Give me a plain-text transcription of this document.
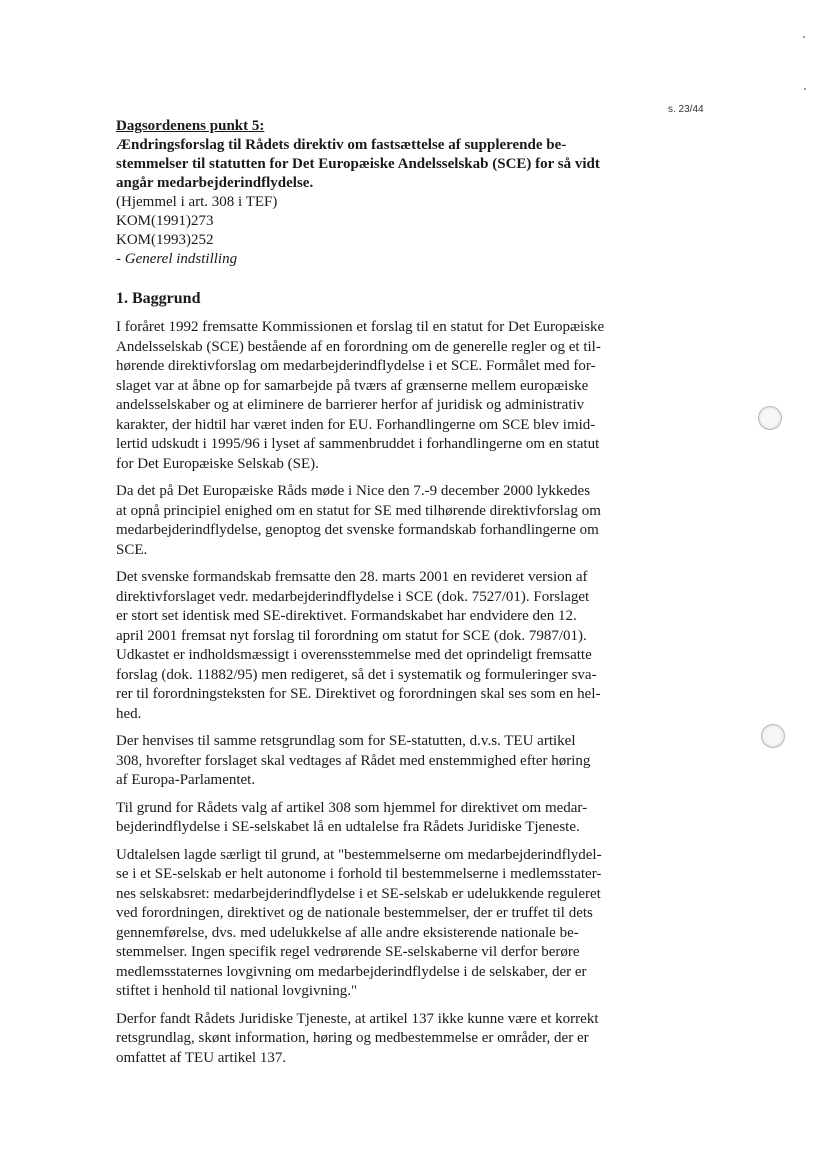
s. 23/44

Dagsordenens punkt 5:

Ændringsforslag til Rådets direktiv om fastsættelse af supplerende be-
stemmelser til statutten for Det Europæiske Andelsselskab (SCE) for så vidt
angår medarbejderindflydelse.

(Hjemmel i art. 308 i TEF)

KOM(1991)273

KOM(1993)252

- Generel indstilling

1. Baggrund

I foråret 1992 fremsatte Kommissionen et forslag til en statut for Det Europæiske
Andelsselskab (SCE) bestående af en forordning om de generelle regler og et til-
hørende direktivforslag om medarbejderindflydelse i et SCE. Formålet med for-
slaget var at åbne op for samarbejde på tværs af grænserne mellem europæiske
andelsselskaber og at eliminere de barrierer herfor af juridisk og administrativ
karakter, der hidtil har været inden for EU. Forhandlingerne om SCE blev imid-
lertid udskudt i 1995/96 i lyset af sammenbruddet i forhandlingerne om en statut
for Det Europæiske Selskab (SE).

Da det på Det Europæiske Råds møde i Nice den 7.-9 december 2000 lykkedes
at opnå principiel enighed om en statut for SE med tilhørende direktivforslag om
medarbejderindflydelse, genoptog det svenske formandskab forhandlingerne om
SCE.

Det svenske formandskab fremsatte den 28. marts 2001 en revideret version af
direktivforslaget vedr. medarbejderindflydelse i SCE (dok. 7527/01). Forslaget
er stort set identisk med SE-direktivet. Formandskabet har endvidere den 12.
april 2001 fremsat nyt forslag til forordning om statut for SCE (dok. 7987/01).
Udkastet er indholdsmæssigt i overensstemmelse med det oprindeligt fremsatte
forslag (dok. 11882/95) men redigeret, så det i systematik og formuleringer sva-
rer til forordningsteksten for SE. Direktivet og forordningen skal ses som en hel-
hed.

Der henvises til samme retsgrundlag som for SE-statutten, d.v.s. TEU artikel
308, hvorefter forslaget skal vedtages af Rådet med enstemmighed efter høring
af Europa-Parlamentet.

Til grund for Rådets valg af artikel 308 som hjemmel for direktivet om medar-
bejderindflydelse i SE-selskabet lå en udtalelse fra Rådets Juridiske Tjeneste.

Udtalelsen lagde særligt til grund, at "bestemmelserne om medarbejderindflydel-
se i et SE-selskab er helt autonome i forhold til bestemmelserne i medlemsstater-
nes selskabsret: medarbejderindflydelse i et SE-selskab er udelukkende reguleret
ved forordningen, direktivet og de nationale bestemmelser, der er truffet til dets
gennemførelse, dvs. med udelukkelse af alle andre eksisterende nationale be-
stemmelser. Ingen specifik regel vedrørende SE-selskaberne vil derfor berøre
medlemsstaternes lovgivning om medarbejderindflydelse i de selskaber, der er
stiftet i henhold til national lovgivning."

Derfor fandt Rådets Juridiske Tjeneste, at artikel 137 ikke kunne være et korrekt
retsgrundlag, skønt information, høring og medbestemmelse er områder, der er
omfattet af TEU artikel 137.
